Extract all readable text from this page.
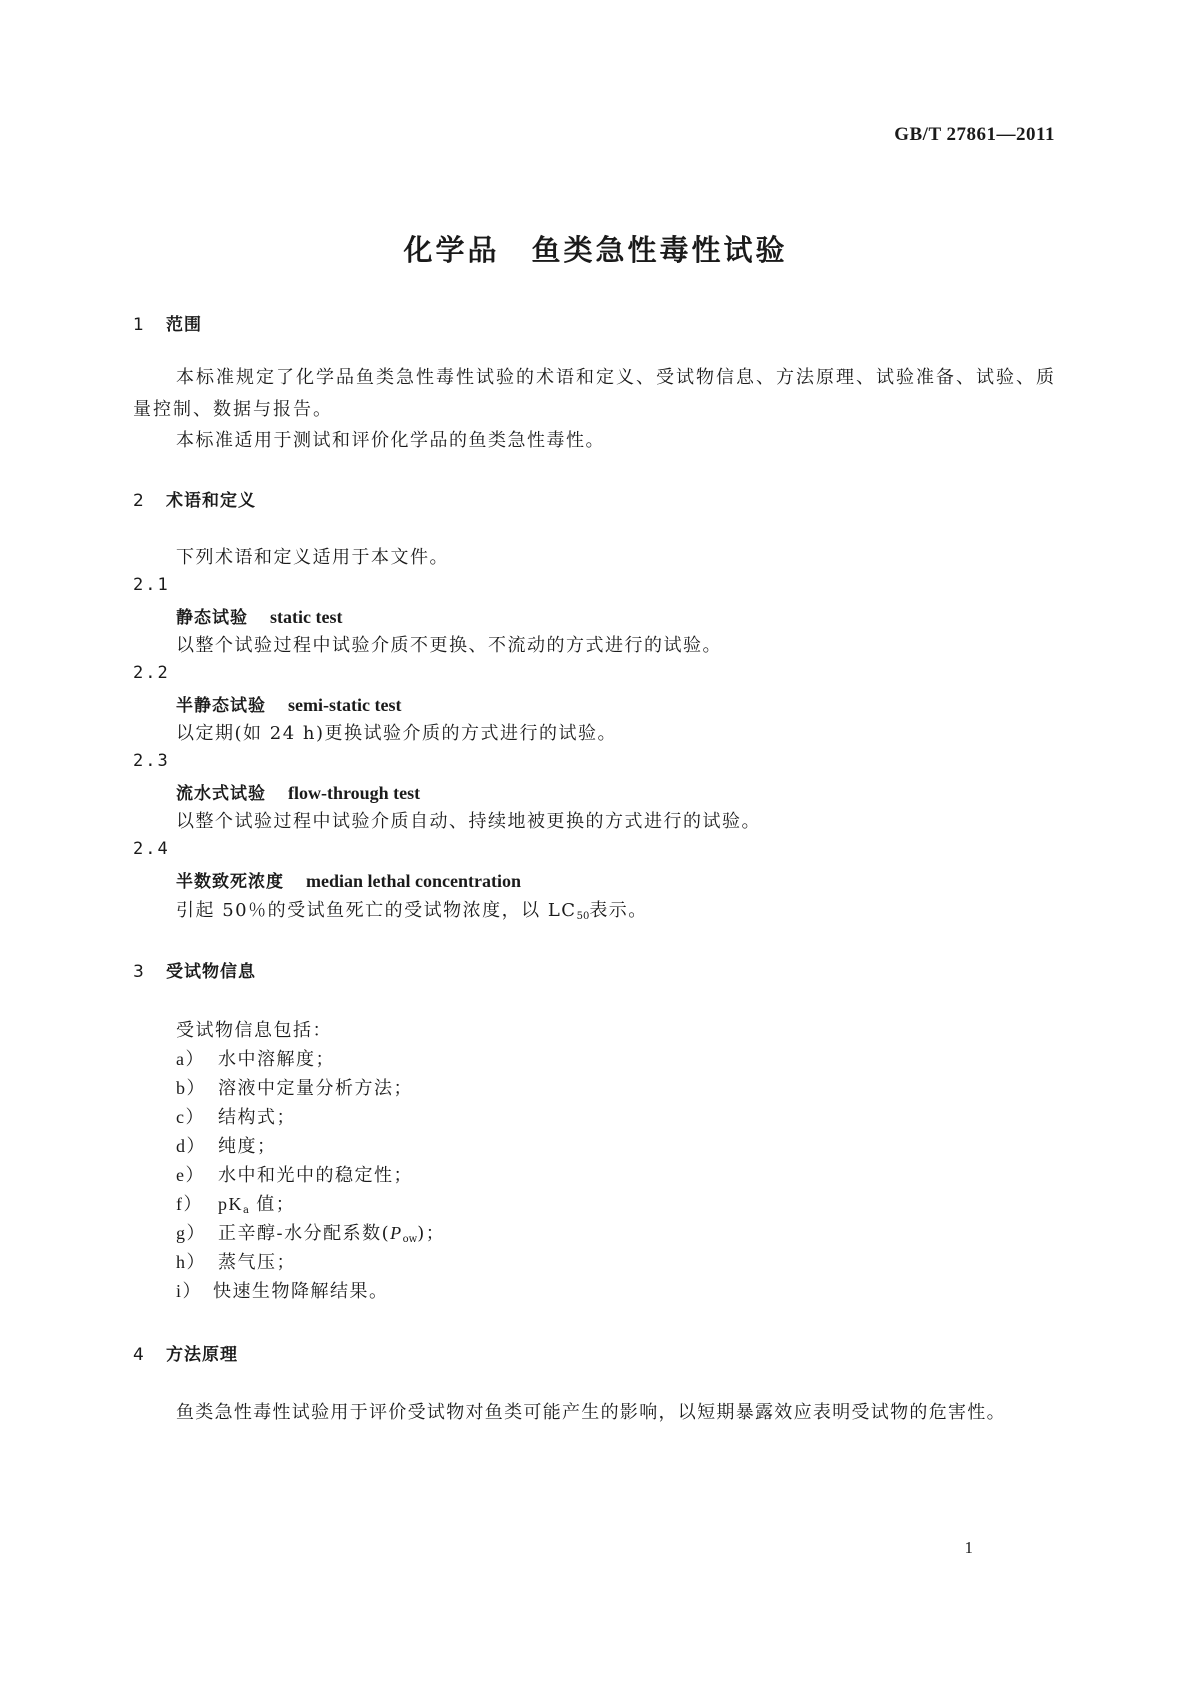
GB/T 27861—2011
化学品　鱼类急性毒性试验
1 范围
本标准规定了化学品鱼类急性毒性试验的术语和定义、受试物信息、方法原理、试验准备、试验、质量控制、数据与报告。
本标准适用于测试和评价化学品的鱼类急性毒性。
2 术语和定义
下列术语和定义适用于本文件。
2.1
静态试验 static test
以整个试验过程中试验介质不更换、不流动的方式进行的试验。
2.2
半静态试验 semi-static test
以定期(如 24 h)更换试验介质的方式进行的试验。
2.3
流水式试验 flow-through test
以整个试验过程中试验介质自动、持续地被更换的方式进行的试验。
2.4
半数致死浓度 median lethal concentration
引起 50％的受试鱼死亡的受试物浓度，以 $LC_{50}$表示。
3 受试物信息
受试物信息包括：
a） 水中溶解度；
b） 溶液中定量分析方法；
c） 结构式；
d） 纯度；
e） 水中和光中的稳定性；
f） $pK_a$ 值；
g） 正辛醇-水分配系数$(P_{ow})$；
h） 蒸气压；
i） 快速生物降解结果。
4 方法原理
鱼类急性毒性试验用于评价受试物对鱼类可能产生的影响，以短期暴露效应表明受试物的危害性。
1
